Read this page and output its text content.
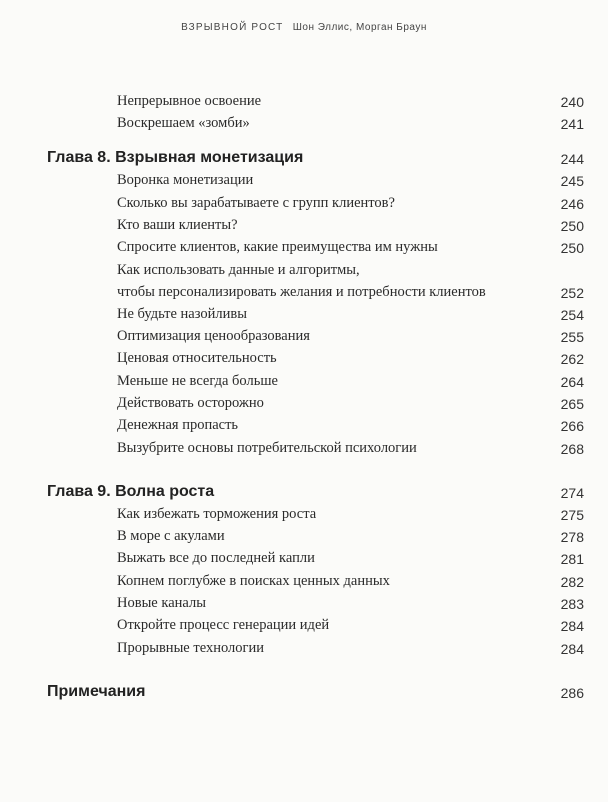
ВЗРЫВНОЙ РОСТ Шон Эллис, Морган Браун
Непрерывное освоение	240
Воскрешаем «зомби»	241
Глава 8. Взрывная монетизация	244
Воронка монетизации	245
Сколько вы зарабатываете с групп клиентов?	246
Кто ваши клиенты?	250
Спросите клиентов, какие преимущества им нужны	250
Как использовать данные и алгоритмы,
чтобы персонализировать желания и потребности клиентов	252
Не будьте назойливы	254
Оптимизация ценообразования	255
Ценовая относительность	262
Меньше не всегда больше	264
Действовать осторожно	265
Денежная пропасть	266
Вызубрите основы потребительской психологии	268
Глава 9. Волна роста	274
Как избежать торможения роста	275
В море с акулами	278
Выжать все до последней капли	281
Копнем поглубже в поисках ценных данных	282
Новые каналы	283
Откройте процесс генерации идей	284
Прорывные технологии	284
Примечания	286
